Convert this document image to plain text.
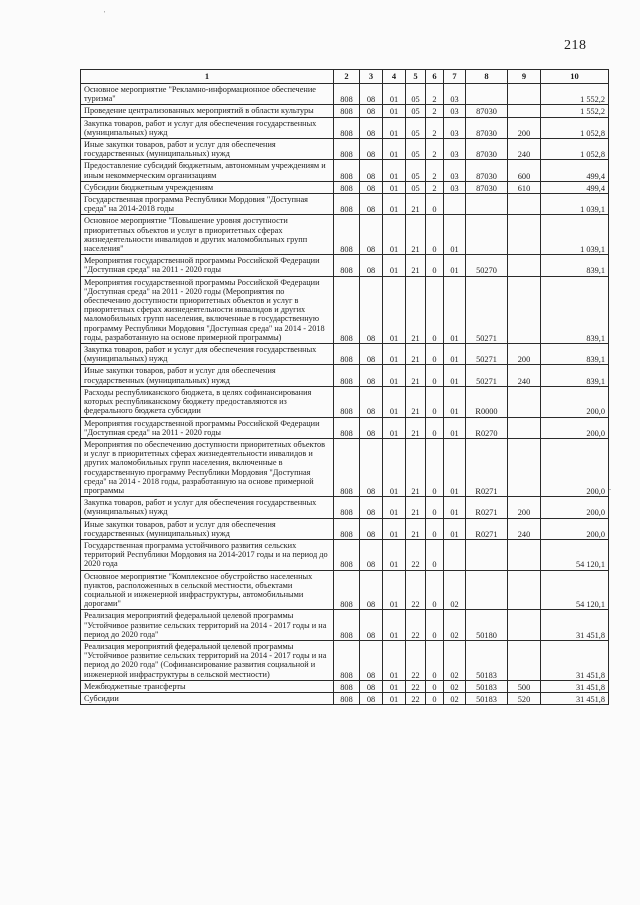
'
218
1	2	3	4	5	6	7	8	9	10
Основное мероприятие "Рекламно-информационное обеспечение туризма"	808	08	01	05	2	03			1 552,2
Проведение централизованных мероприятий в области культуры	808	08	01	05	2	03	87030		1 552,2
Закупка товаров, работ и услуг для обеспечения государственных (муниципальных) нужд	808	08	01	05	2	03	87030	200	1 052,8
Иные закупки товаров, работ и услуг для обеспечения государственных (муниципальных) нужд	808	08	01	05	2	03	87030	240	1 052,8
Предоставление субсидий бюджетным, автономным учреждениям и иным некоммерческим организациям	808	08	01	05	2	03	87030	600	499,4
Субсидии бюджетным учреждениям	808	08	01	05	2	03	87030	610	499,4
Государственная программа Республики Мордовия "Доступная среда" на 2014-2018 годы	808	08	01	21	0				1 039,1
Основное мероприятие "Повышение уровня доступности приоритетных объектов и услуг в приоритетных сферах жизнедеятельности инвалидов и других маломобильных групп населения"	808	08	01	21	0	01			1 039,1
Мероприятия государственной программы Российской Федерации "Доступная среда" на 2011 - 2020 годы	808	08	01	21	0	01	50270		839,1
Мероприятия государственной программы Российской Федерации "Доступная среда" на 2011 - 2020 годы (Мероприятия по обеспечению доступности приоритетных объектов и услуг в приоритетных сферах жизнедеятельности инвалидов и других маломобильных групп населения, включенные в государственную программу Республики Мордовия "Доступная среда" на 2014 - 2018 годы, разработанную на основе примерной программы)	808	08	01	21	0	01	50271		839,1
Закупка товаров, работ и услуг для обеспечения государственных (муниципальных) нужд	808	08	01	21	0	01	50271	200	839,1
Иные закупки товаров, работ и услуг для обеспечения государственных (муниципальных) нужд	808	08	01	21	0	01	50271	240	839,1
Расходы республиканского бюджета, в целях софинансирования которых республиканскому бюджету предоставляются из федерального бюджета субсидии	808	08	01	21	0	01	R0000		200,0
Мероприятия государственной программы Российской Федерации "Доступная среда" на 2011 - 2020 годы	808	08	01	21	0	01	R0270		200,0
Мероприятия по обеспечению доступности приоритетных объектов и услуг в приоритетных сферах жизнедеятельности инвалидов и других маломобильных групп населения, включенные в государственную программу Республики Мордовия "Доступная среда" на 2014 - 2018 годы, разработанную на основе примерной программы	808	08	01	21	0	01	R0271		200,0
Закупка товаров, работ и услуг для обеспечения государственных (муниципальных) нужд	808	08	01	21	0	01	R0271	200	200,0
Иные закупки товаров, работ и услуг для обеспечения государственных (муниципальных) нужд	808	08	01	21	0	01	R0271	240	200,0
Государственная программа устойчивого развития сельских территорий Республики Мордовия на 2014-2017 годы и на период до 2020 года	808	08	01	22	0				54 120,1
Основное мероприятие "Комплексное обустройство населенных пунктов, расположенных в сельской местности, объектами социальной и инженерной инфраструктуры, автомобильными дорогами"	808	08	01	22	0	02			54 120,1
Реализация мероприятий федеральной целевой программы "Устойчивое развитие сельских территорий на 2014 - 2017 годы и на период до 2020 года"	808	08	01	22	0	02	50180		31 451,8
Реализация мероприятий федеральной целевой программы "Устойчивое развитие сельских территорий на 2014 - 2017 годы и на период до 2020 года" (Софинансирование развития социальной и инженерной инфраструктуры в сельской местности)	808	08	01	22	0	02	50183		31 451,8
Межбюджетные трансферты	808	08	01	22	0	02	50183	500	31 451,8
Субсидии	808	08	01	22	0	02	50183	520	31 451,8
.
